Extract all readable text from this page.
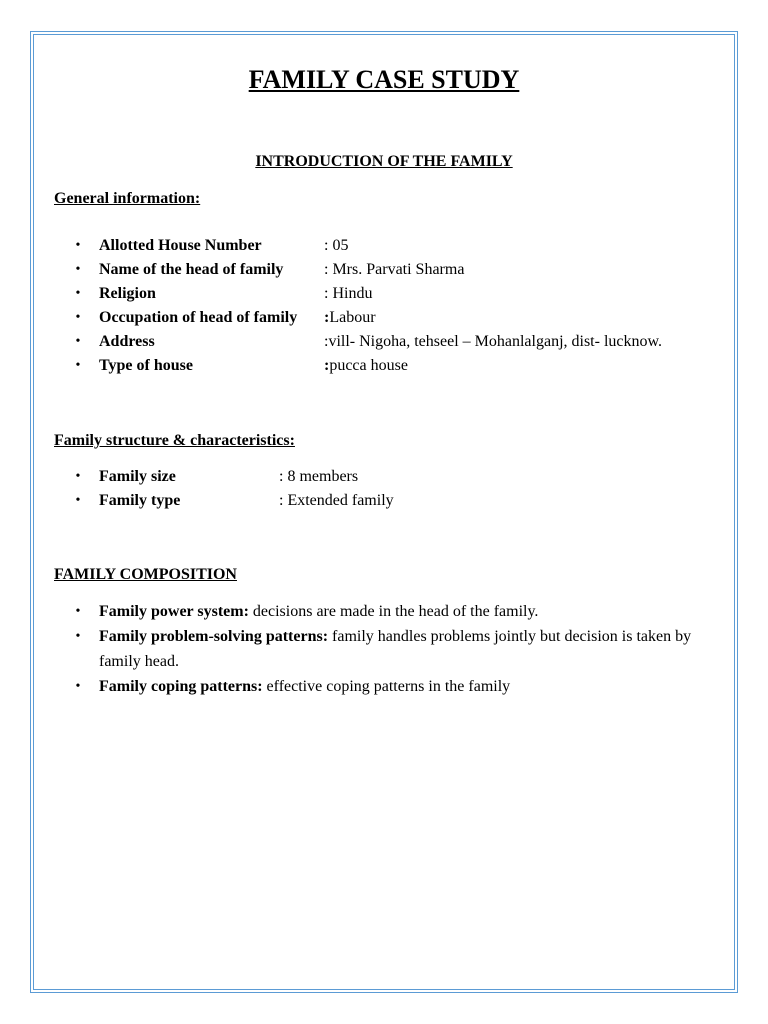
FAMILY CASE STUDY
INTRODUCTION OF THE FAMILY
General information:
• Allotted House Number	: 05
• Name of the head of family	: Mrs. Parvati Sharma
• Religion	: Hindu
• Occupation of head of family :Labour
• Address	:vill- Nigoha, tehseel – Mohanlalganj, dist- lucknow.
• Type of house	:pucca house
Family structure & characteristics:
• Family size	: 8 members
• Family type	: Extended family
FAMILY COMPOSITION
• Family power system: decisions are made in the head of the family.
• Family problem-solving patterns: family handles problems jointly but decision is taken by family head.
• Family coping patterns: effective coping patterns in the family
